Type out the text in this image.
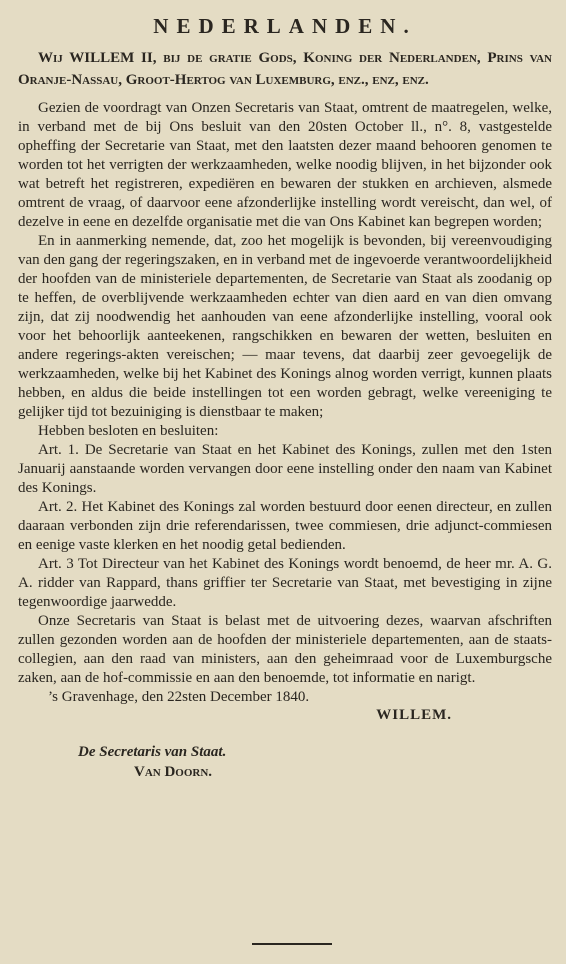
NEDERLANDEN.
Wij WILLEM II, bij de gratie Gods, Koning der Nederlanden, Prins van Oranje-Nassau, Groot-Hertog van Luxemburg, enz., enz, enz.

Gezien de voordragt van Onzen Secretaris van Staat, omtrent de maatregelen, welke, in verband met de bij Ons besluit van den 20sten October ll., n°. 8, vastgestelde opheffing der Secretarie van Staat, met den laatsten dezer maand behooren genomen te worden tot het verrigten der werkzaamheden, welke noodig blijven, in het bijzonder ook wat betreft het registreren, expediëren en bewaren der stukken en archieven, alsmede omtrent de vraag, of daarvoor eene afzonderlijke instelling wordt vereischt, dan wel, of dezelve in eene en dezelfde organisatie met die van Ons Kabinet kan begrepen worden;

En in aanmerking nemende, dat, zoo het mogelijk is bevonden, bij vereenvoudiging van den gang der regeringszaken, en in verband met de ingevoerde verantwoordelijkheid der hoofden van de ministeriele departementen, de Secretarie van Staat als zoodanig op te heffen, de overblijvende werkzaamheden echter van dien aard en van dien omvang zijn, dat zij noodwendig het aanhouden van eene afzonderlijke instelling, vooral ook voor het behoorlijk aanteekenen, rangschikken en bewaren der wetten, besluiten en andere regerings-akten vereischen; — maar tevens, dat daarbij zeer gevoegelijk de werkzaamheden, welke bij het Kabinet des Konings alnog worden verrigt, kunnen plaats hebben, en aldus die beide instellingen tot een worden gebragt, welke vereeniging te gelijker tijd tot bezuiniging is dienstbaar te maken;

Hebben besloten en besluiten:

Art. 1. De Secretarie van Staat en het Kabinet des Konings, zullen met den 1sten Januarij aanstaande worden vervangen door eene instelling onder den naam van Kabinet des Konings.

Art. 2. Het Kabinet des Konings zal worden bestuurd door eenen directeur, en zullen daaraan verbonden zijn drie referendarissen, twee commiesen, drie adjunct-commiesen en eenige vaste klerken en het noodig getal bedienden.

Art. 3 Tot Directeur van het Kabinet des Konings wordt benoemd, de heer mr. A. G. A. ridder van Rappard, thans griffier ter Secretarie van Staat, met bevestiging in zijne tegenwoordige jaarwedde.

Onze Secretaris van Staat is belast met de uitvoering dezes, waarvan afschriften zullen gezonden worden aan de hoofden der ministeriele departementen, aan de staats-collegien, aan den raad van ministers, aan den geheimraad voor de Luxemburgsche zaken, aan de hof-commissie en aan den benoemde, tot informatie en narigt.

’s Gravenhage, den 22sten December 1840.
WILLEM.
De Secretaris van Staat.
Van Doorn.
